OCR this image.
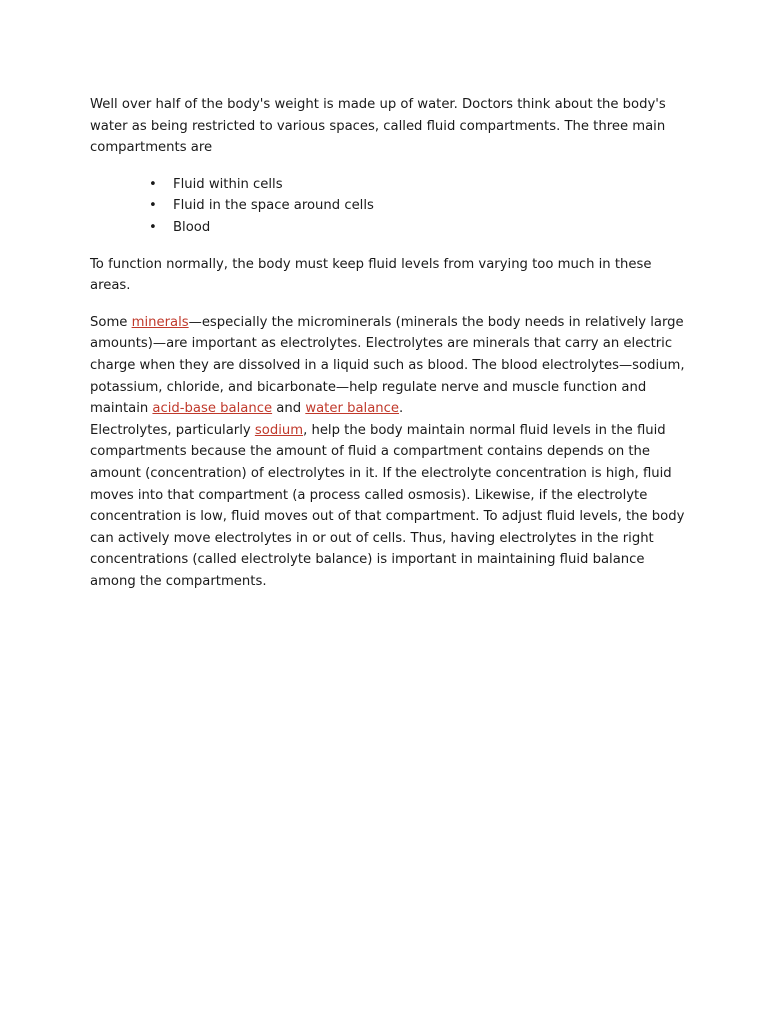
Well over half of the body's weight is made up of water. Doctors think about the body's water as being restricted to various spaces, called fluid compartments. The three main compartments are

• Fluid within cells
• Fluid in the space around cells
• Blood

To function normally, the body must keep fluid levels from varying too much in these areas.

Some minerals—especially the microminerals (minerals the body needs in relatively large amounts)—are important as electrolytes. Electrolytes are minerals that carry an electric charge when they are dissolved in a liquid such as blood. The blood electrolytes—sodium, potassium, chloride, and bicarbonate—help regulate nerve and muscle function and maintain acid-base balance and water balance.
Electrolytes, particularly sodium, help the body maintain normal fluid levels in the fluid compartments because the amount of fluid a compartment contains depends on the amount (concentration) of electrolytes in it. If the electrolyte concentration is high, fluid moves into that compartment (a process called osmosis). Likewise, if the electrolyte concentration is low, fluid moves out of that compartment. To adjust fluid levels, the body can actively move electrolytes in or out of cells. Thus, having electrolytes in the right concentrations (called electrolyte balance) is important in maintaining fluid balance among the compartments.
